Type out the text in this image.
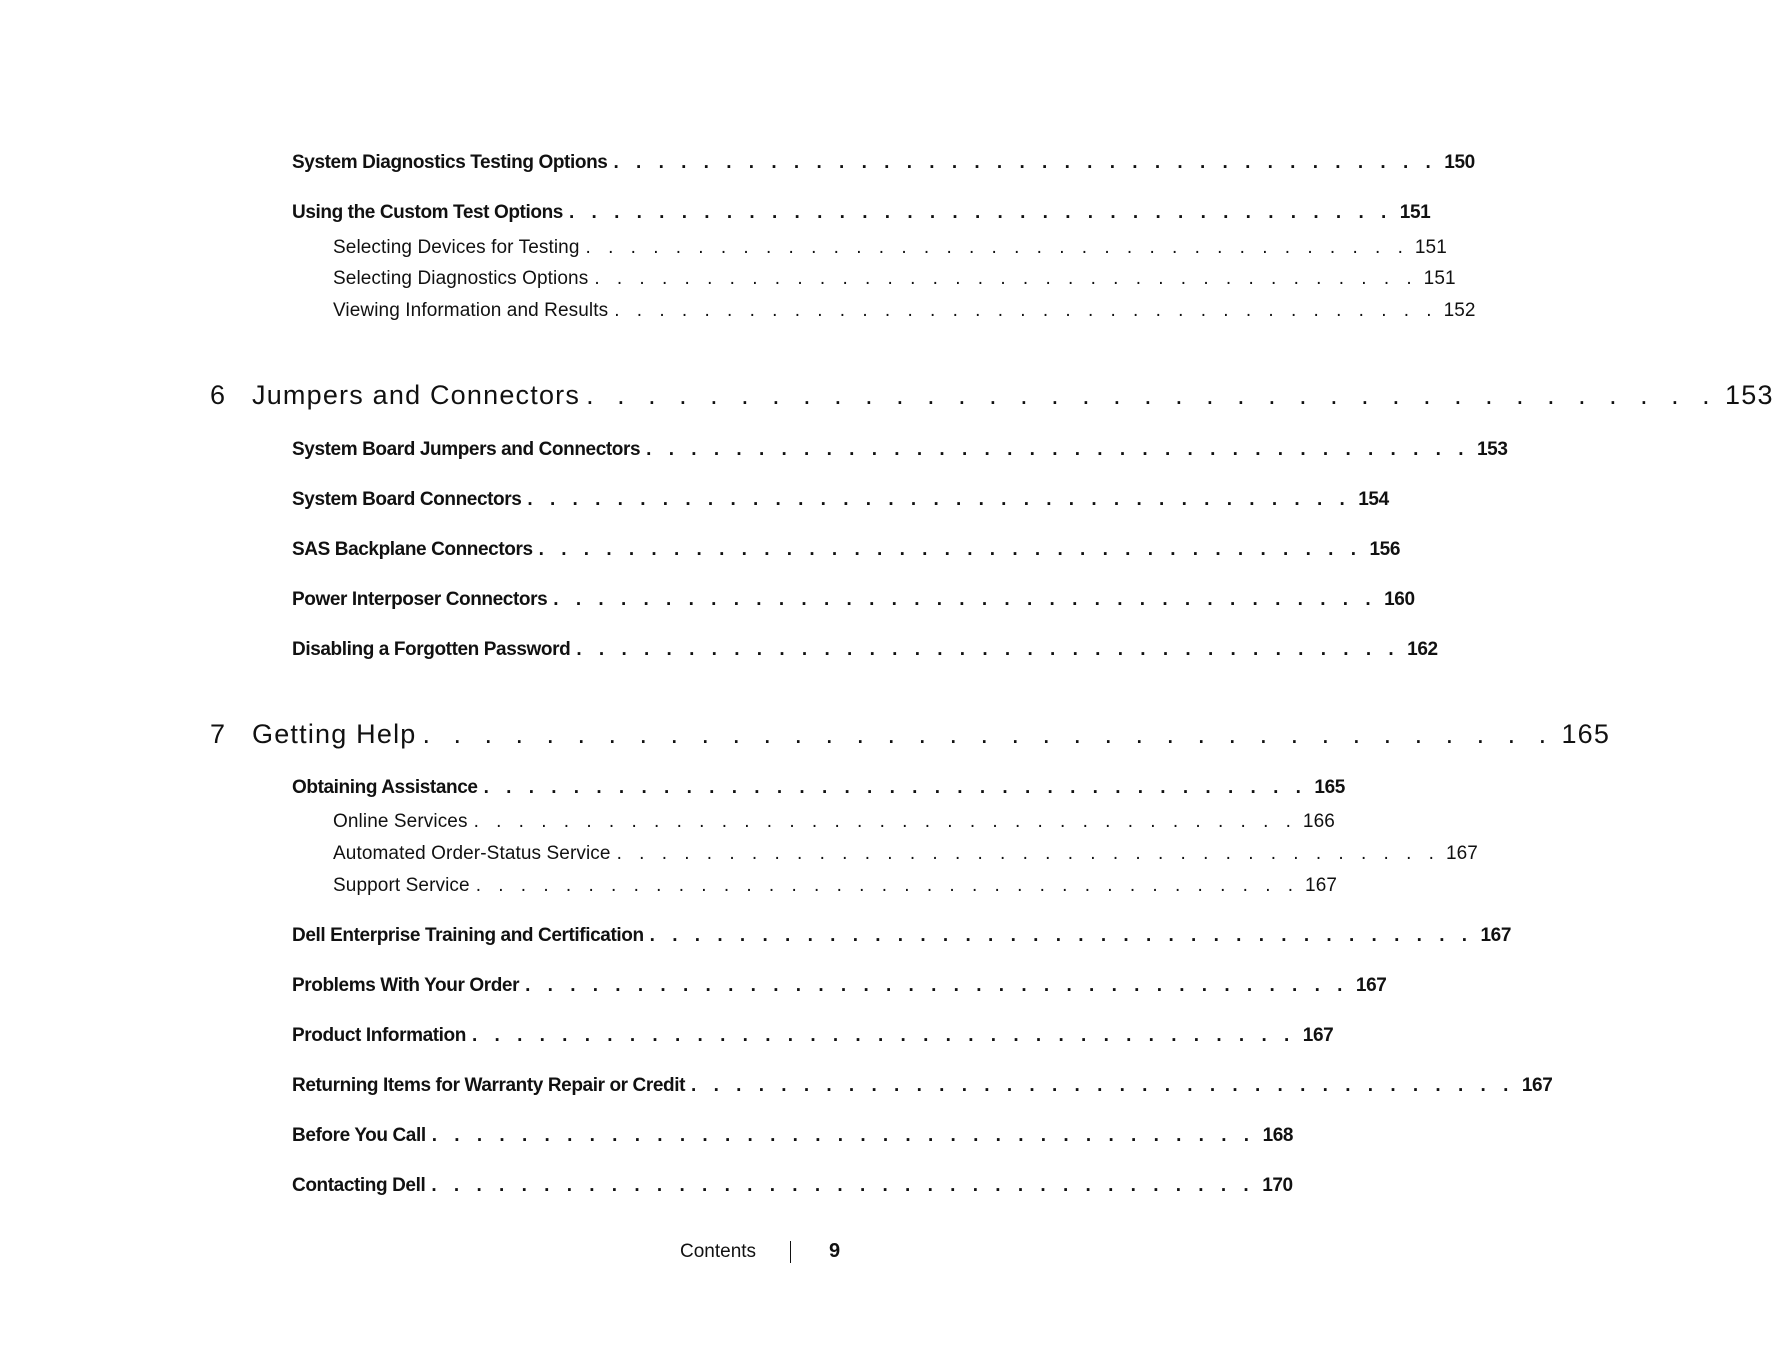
System Diagnostics Testing Options . . . . . . . . . . . . . . . . . . . . . . . . . . . . . . . . . . . . . 150
Using the Custom Test Options . . . . . . . . . . . . . . . . . . . . . . . . . . . . . . . . . . . . . 151
Selecting Devices for Testing . . . . . . . . . . . . . . . . . . . . . . . . . . . . . . . . . . . . . 151
Selecting Diagnostics Options . . . . . . . . . . . . . . . . . . . . . . . . . . . . . . . . . . . . . 151
Viewing Information and Results . . . . . . . . . . . . . . . . . . . . . . . . . . . . . . . . . . . . . 152
6 Jumpers and Connectors . . . . . . . . . . . . . . . . . . . . . . . . . . . . . . . . . . . . . 153
System Board Jumpers and Connectors . . . . . . . . . . . . . . . . . . . . . . . . . . . . . . . . . . . . . 153
System Board Connectors . . . . . . . . . . . . . . . . . . . . . . . . . . . . . . . . . . . . . 154
SAS Backplane Connectors . . . . . . . . . . . . . . . . . . . . . . . . . . . . . . . . . . . . . 156
Power Interposer Connectors . . . . . . . . . . . . . . . . . . . . . . . . . . . . . . . . . . . . . 160
Disabling a Forgotten Password . . . . . . . . . . . . . . . . . . . . . . . . . . . . . . . . . . . . . 162
7 Getting Help . . . . . . . . . . . . . . . . . . . . . . . . . . . . . . . . . . . . . 165
Obtaining Assistance . . . . . . . . . . . . . . . . . . . . . . . . . . . . . . . . . . . . . 165
Online Services . . . . . . . . . . . . . . . . . . . . . . . . . . . . . . . . . . . . . 166
Automated Order-Status Service . . . . . . . . . . . . . . . . . . . . . . . . . . . . . . . . . . . . . 167
Support Service . . . . . . . . . . . . . . . . . . . . . . . . . . . . . . . . . . . . . 167
Dell Enterprise Training and Certification . . . . . . . . . . . . . . . . . . . . . . . . . . . . . . . . . . . . . 167
Problems With Your Order . . . . . . . . . . . . . . . . . . . . . . . . . . . . . . . . . . . . . 167
Product Information . . . . . . . . . . . . . . . . . . . . . . . . . . . . . . . . . . . . . 167
Returning Items for Warranty Repair or Credit . . . . . . . . . . . . . . . . . . . . . . . . . . . . . . . . . . . . . 167
Before You Call . . . . . . . . . . . . . . . . . . . . . . . . . . . . . . . . . . . . . 168
Contacting Dell . . . . . . . . . . . . . . . . . . . . . . . . . . . . . . . . . . . . . 170
Contents	9
